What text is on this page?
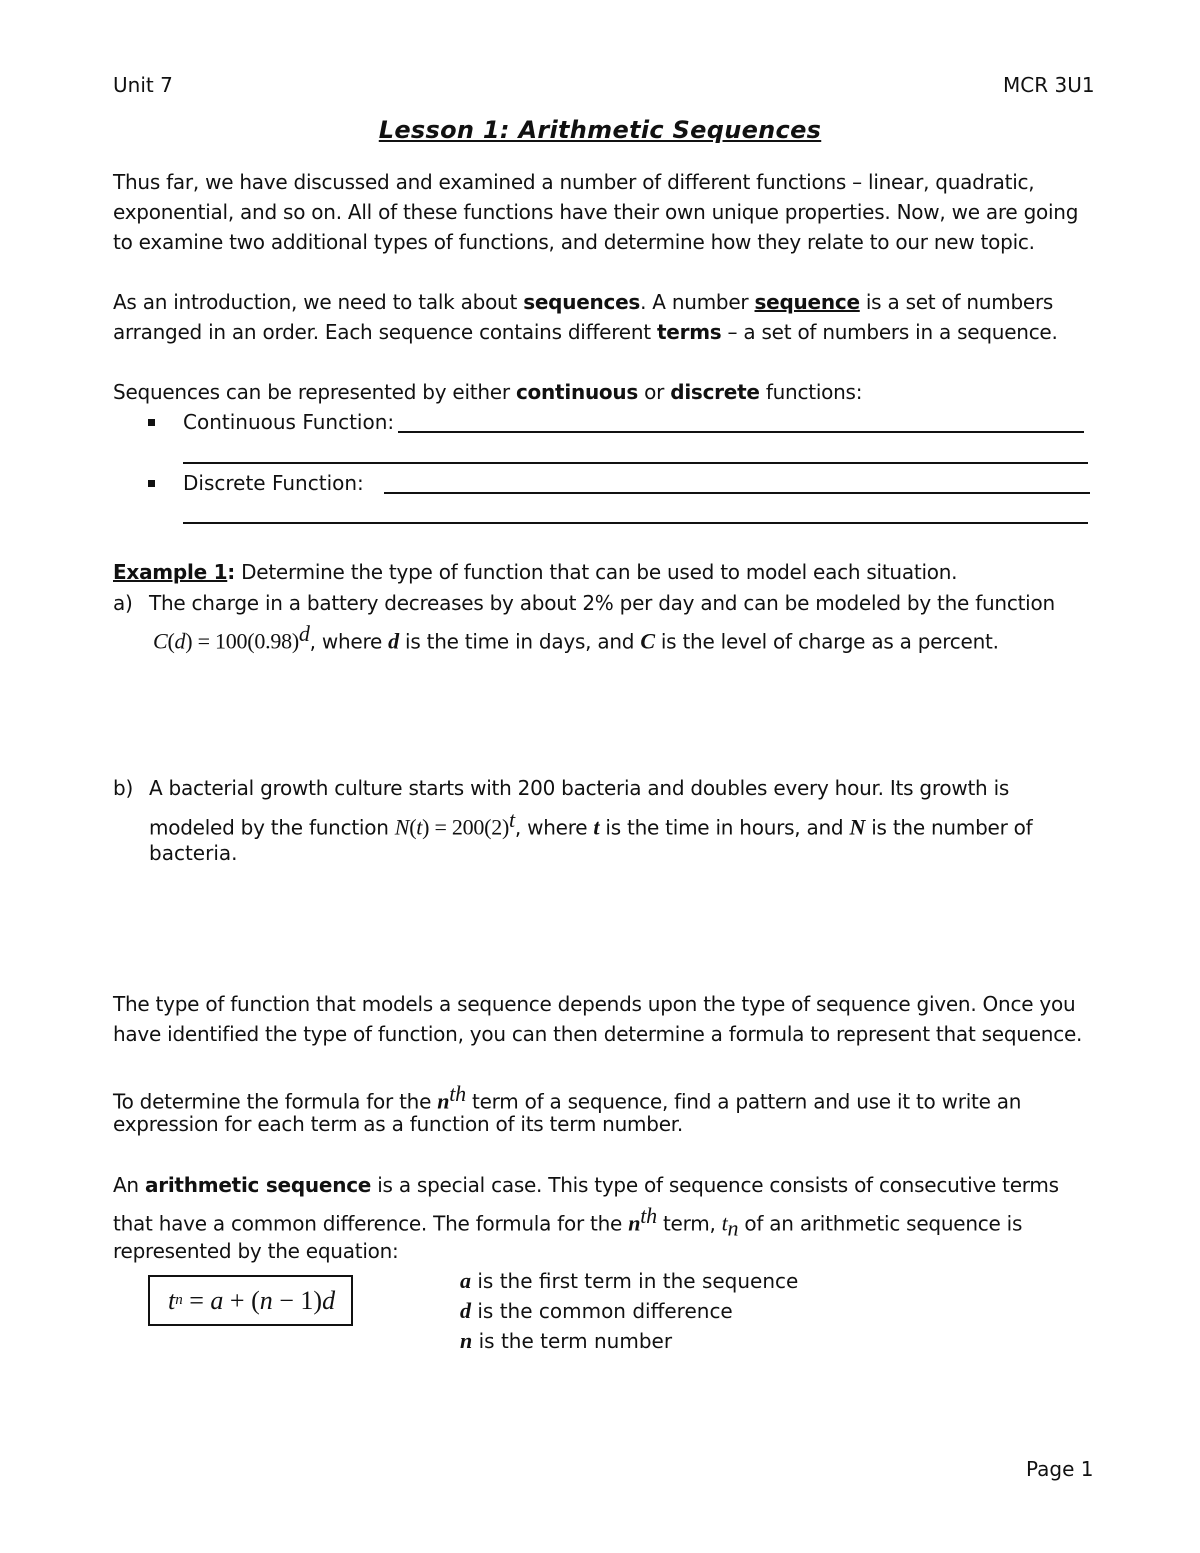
Unit 7	MCR 3U1
Lesson 1: Arithmetic Sequences
Thus far, we have discussed and examined a number of different functions – linear, quadratic,
exponential, and so on. All of these functions have their own unique properties. Now, we are going
to examine two additional types of functions, and determine how they relate to our new topic.
As an introduction, we need to talk about sequences. A number sequence is a set of numbers
arranged in an order. Each sequence contains different terms – a set of numbers in a sequence.
Sequences can be represented by either continuous or discrete functions:
Continuous Function:
Discrete Function:
Example 1: Determine the type of function that can be used to model each situation.
a) The charge in a battery decreases by about 2% per day and can be modeled by the function
$C(d) = 100(0.98)^d$, where d is the time in days, and C is the level of charge as a percent.
b) A bacterial growth culture starts with 200 bacteria and doubles every hour. Its growth is
modeled by the function $N(t) = 200(2)^t$, where t is the time in hours, and N is the number of
bacteria.
The type of function that models a sequence depends upon the type of sequence given. Once you
have identified the type of function, you can then determine a formula to represent that sequence.
To determine the formula for the $n^{th}$ term of a sequence, find a pattern and use it to write an
expression for each term as a function of its term number.
An arithmetic sequence is a special case. This type of sequence consists of consecutive terms
that have a common difference. The formula for the $n^{th}$ term, $t_n$ of an arithmetic sequence is
represented by the equation:
t n = a + ( n − 1) d
a is the first term in the sequence
d is the common difference
n is the term number
Page 1
